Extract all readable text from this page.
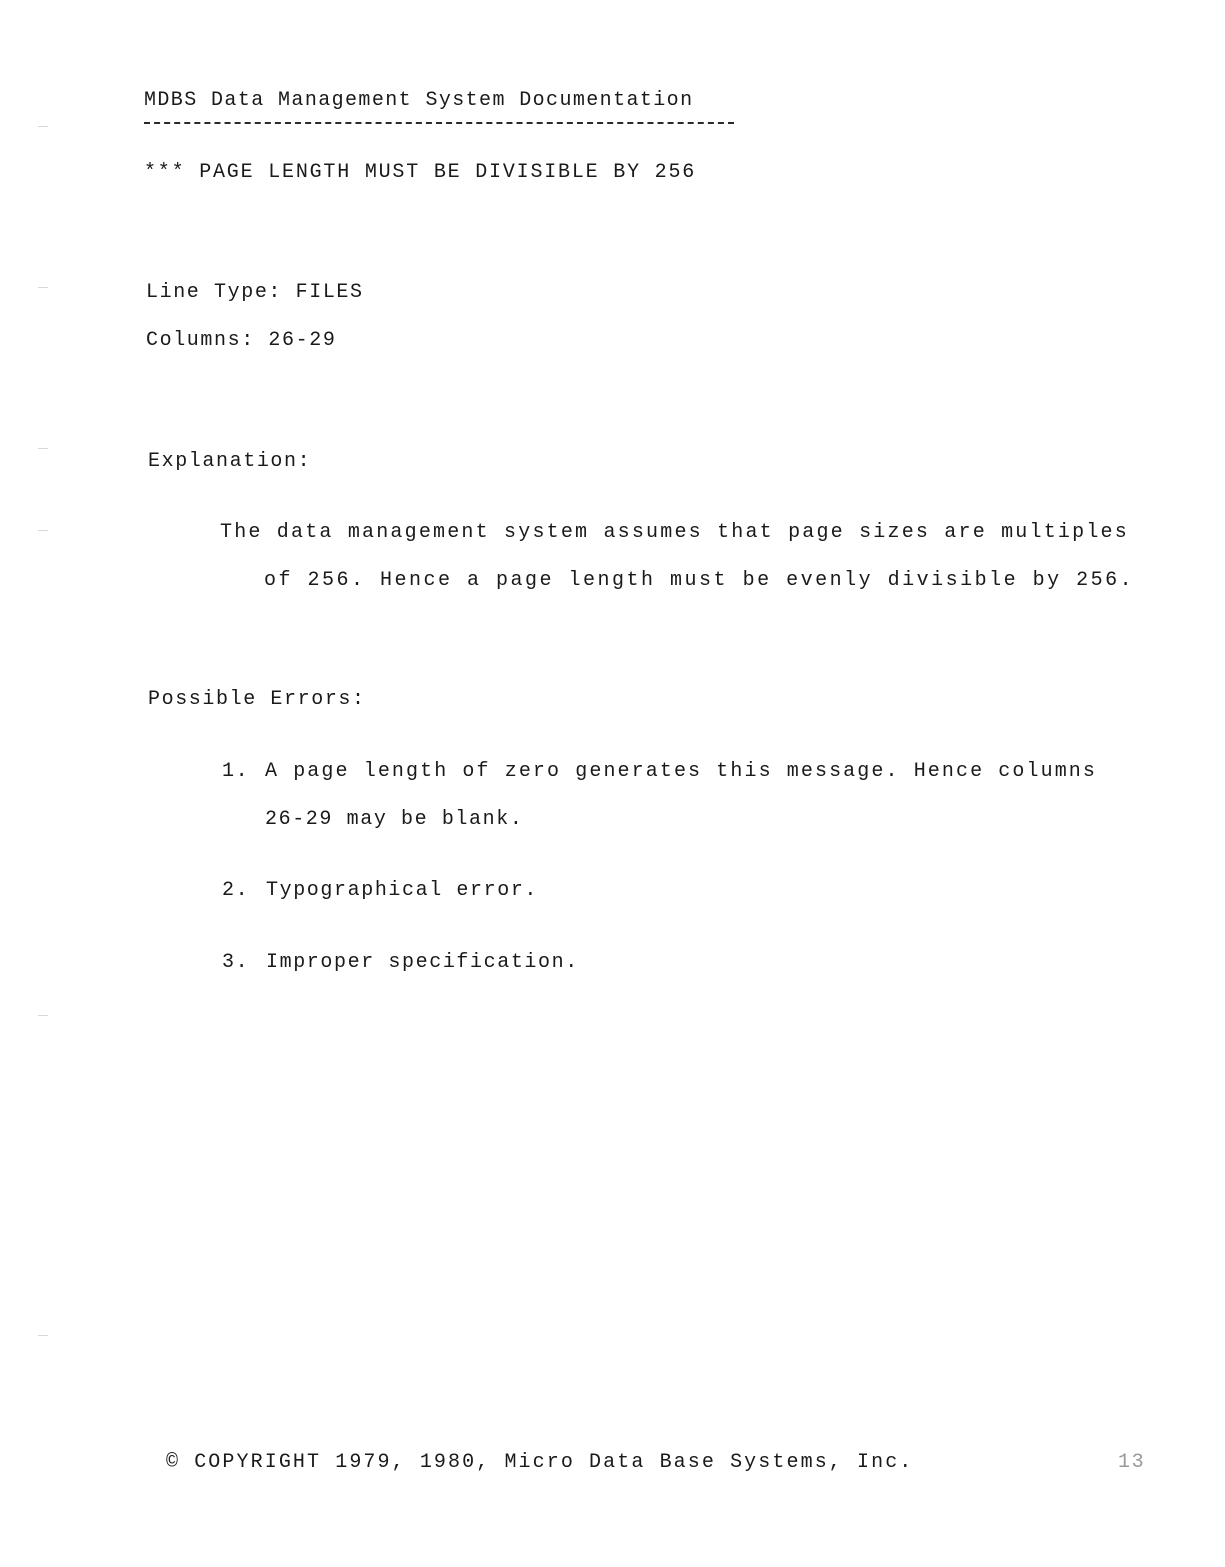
MDBS Data Management System Documentation
*** PAGE LENGTH MUST BE DIVISIBLE BY 256
Line Type: FILES
Columns: 26-29
Explanation:
The data management system assumes that page sizes are multiples
of 256. Hence a page length must be evenly divisible by 256.
Possible Errors:
1. A page length of zero generates this message. Hence columns
26-29 may be blank.
2. Typographical error.
3. Improper specification.
© COPYRIGHT 1979, 1980, Micro Data Base Systems, Inc.	13
